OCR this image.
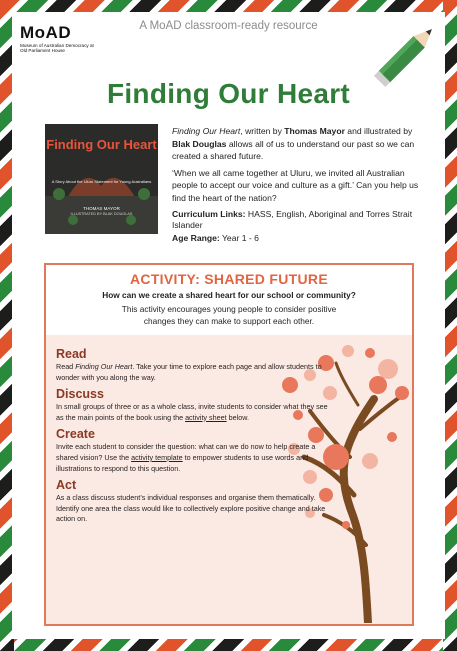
MoAD
Museum of Australian Democracy at Old Parliament House
A MoAD classroom-ready resource
Finding Our Heart
Finding Our Heart
A Story About the Uluru Statement for Young Australians
THOMAS MAYOR
ILLUSTRATED BY BLAK DOUGLAS

Finding Our Heart, written by Thomas Mayor and illustrated by Blak Douglas allows all of us to understand our past so we can created a shared future.

‘When we all came together at Uluru, we invited all Australian people to accept our voice and culture as a gift.’ Can you help us find the heart of the nation?

Curriculum Links: HASS, English, Aboriginal and Torres Strait Islander
Age Range: Year 1 - 6
ACTIVITY: SHARED FUTURE
How can we create a shared heart for our school or community?
This activity encourages young people to consider positive changes they can make to support each other.
Read
Read Finding Our Heart. Take your time to explore each page and allow students to wonder with you along the way.
Discuss
In small groups of three or as a whole class, invite students to consider what they see as the main points of the book using the activity sheet below.
Create
Invite each student to consider the question: what can we do now to help create a shared vision? Use the activity template to empower students to use words and illustrations to respond to this question.
Act
As a class discuss student’s individual responses and organise them thematically. Identify one area the class would like to collectively explore positive change and take action on.
